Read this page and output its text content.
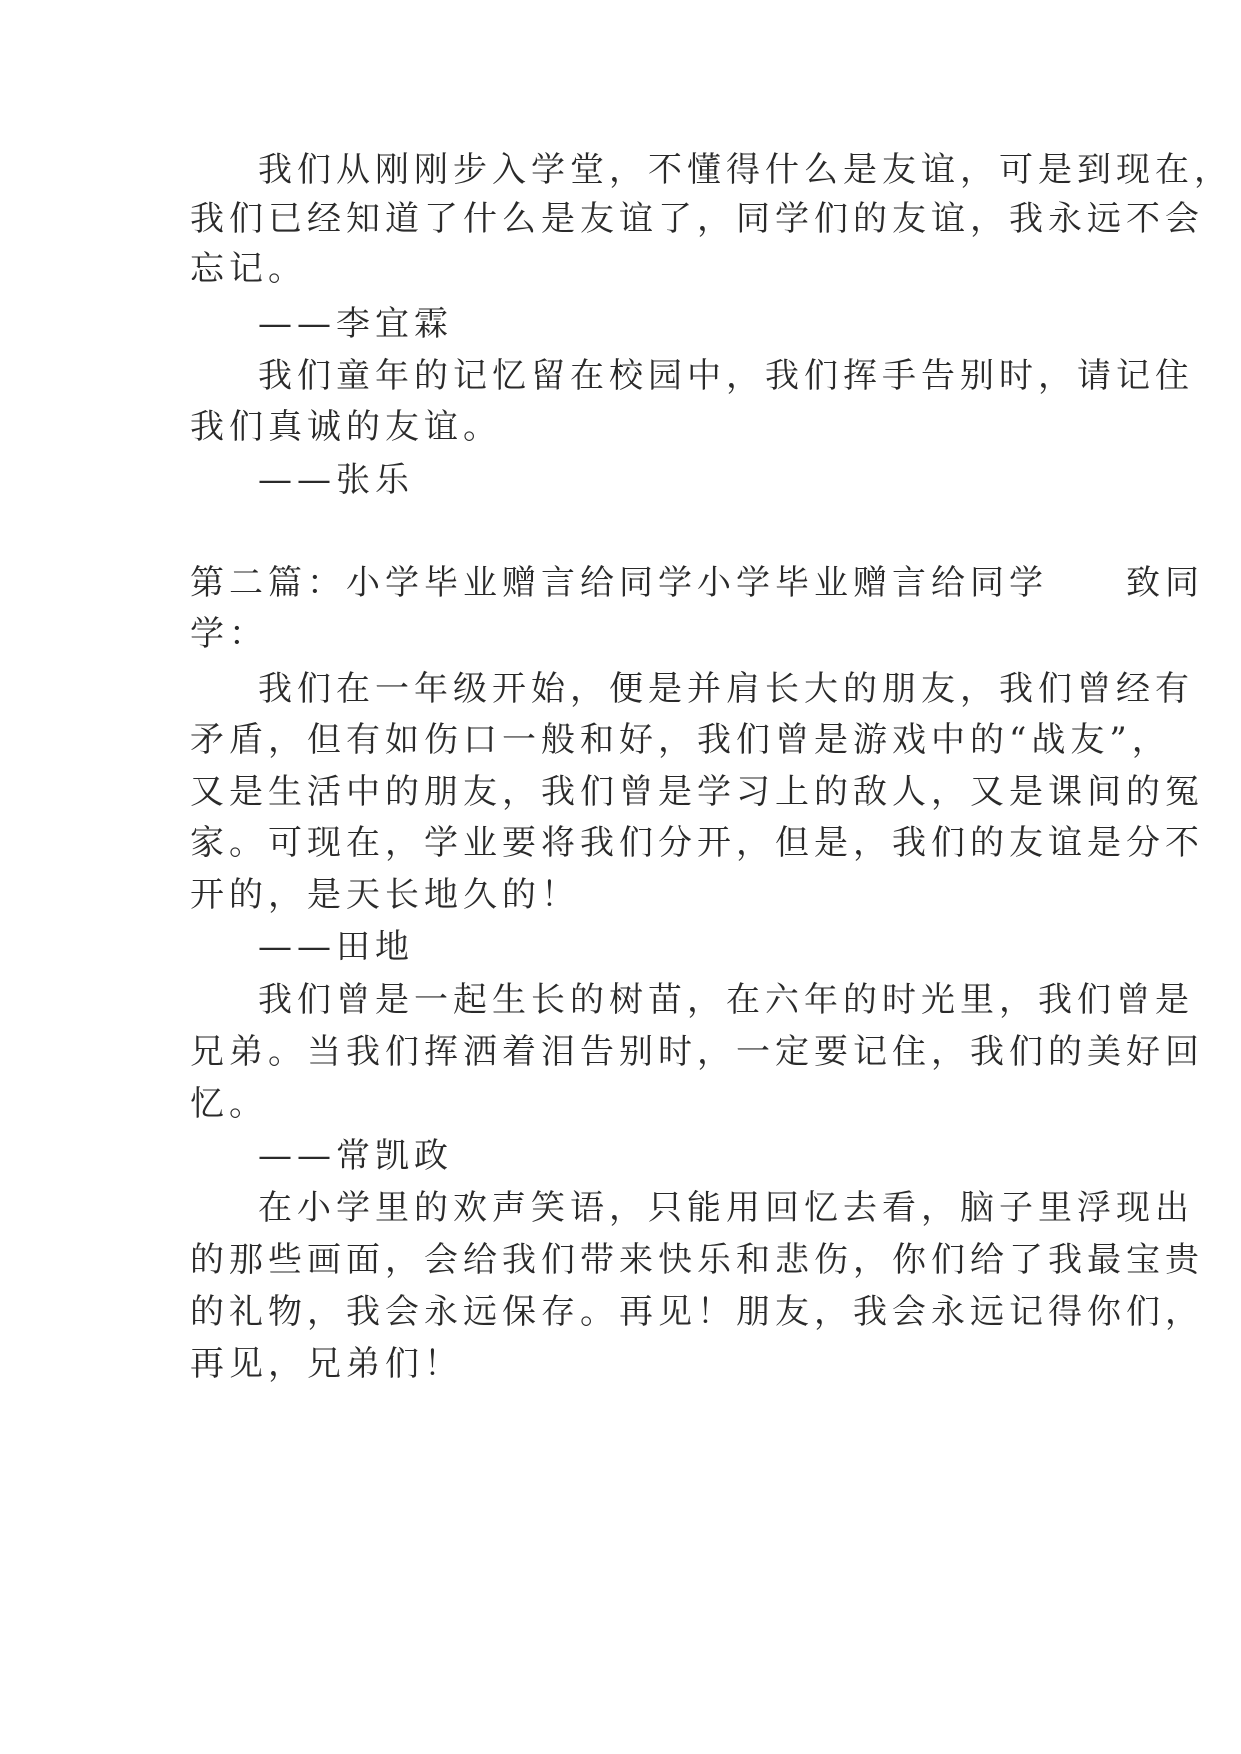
我们从刚刚步入学堂，不懂得什么是友谊，可是到现在，
我们已经知道了什么是友谊了，同学们的友谊，我永远不会
忘记。
——李宜霖
我们童年的记忆留在校园中，我们挥手告别时，请记住
我们真诚的友谊。
——张乐
第二篇：小学毕业赠言给同学小学毕业赠言给同学　　致同
学：
我们在一年级开始，便是并肩长大的朋友，我们曾经有
矛盾，但有如伤口一般和好，我们曾是游戏中的“战友”，
又是生活中的朋友，我们曾是学习上的敌人，又是课间的冤
家。可现在，学业要将我们分开，但是，我们的友谊是分不
开的，是天长地久的！
——田地
我们曾是一起生长的树苗，在六年的时光里，我们曾是
兄弟。当我们挥洒着泪告别时，一定要记住，我们的美好回
忆。
——常凯政
在小学里的欢声笑语，只能用回忆去看，脑子里浮现出
的那些画面，会给我们带来快乐和悲伤，你们给了我最宝贵
的礼物，我会永远保存。再见！朋友，我会永远记得你们，
再见，兄弟们！
